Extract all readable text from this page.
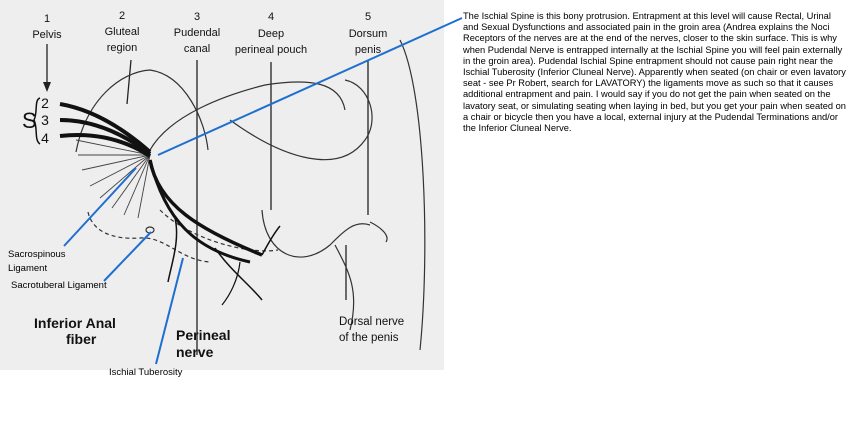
1
Pelvis
2
Gluteal
region
3
Pudendal
canal
4
Deep
perineal pouch
5
Dorsum
penis
S
2
3
4
Inferior Anal
fiber	Perineal
nerve
Dorsal nerve
of the penis
Sacrospinous
Ligament
Sacrotuberal Ligament
Ischial Tuberosity

The Ischial Spine is this bony protrusion. Entrapment at this level will cause Rectal, Urinal and Sexual Dysfunctions and associated pain in the groin area (Andrea explains the Noci Receptors of the nerves are at the end of the nerves, closer to the skin surface. This is why when Pudendal Nerve is entrapped internally at the Ischial Spine you will feel pain externally in the groin area). Pudendal Ischial Spine entrapment should not cause pain right near the Ischial Tuberosity (Inferior Cluneal Nerve). Apparently when seated (on chair or even lavatory seat - see Pr Robert, search for LAVATORY) the ligaments move as such so that it causes additional entrapment and pain. I would say if you do not get the pain when seated on the lavatory seat, or simulating seating when laying in bed, but you get your pain when seated on a chair or bicycle then you have a local, external injury at the Pudendal Terminations and/or the Inferior Cluneal Nerve.
